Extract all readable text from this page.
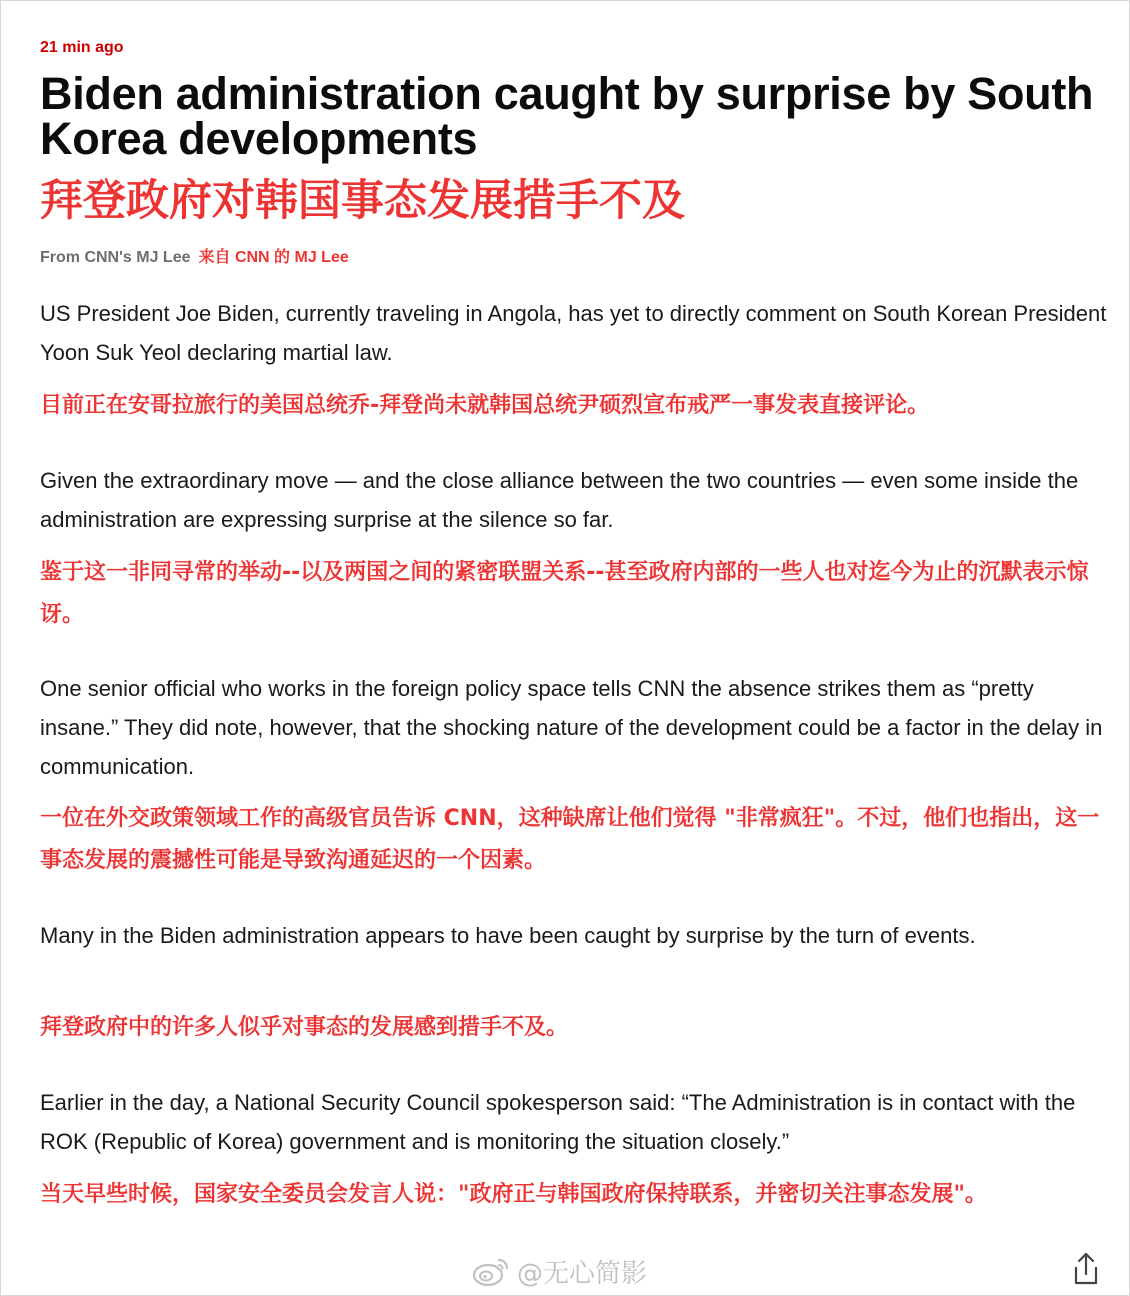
21 min ago
Biden administration caught by surprise by South Korea developments
拜登政府对韩国事态发展措手不及
From CNN's MJ Lee 来自 CNN 的 MJ Lee

US President Joe Biden, currently traveling in Angola, has yet to directly comment on South Korean President Yoon Suk Yeol declaring martial law.

目前正在安哥拉旅行的美国总统乔-拜登尚未就韩国总统尹硕烈宣布戒严一事发表直接评论。

Given the extraordinary move — and the close alliance between the two countries — even some inside the administration are expressing surprise at the silence so far.

鉴于这一非同寻常的举动--以及两国之间的紧密联盟关系--甚至政府内部的一些人也对迄今为止的沉默表示惊讶。

One senior official who works in the foreign policy space tells CNN the absence strikes them as “pretty insane.” They did note, however, that the shocking nature of the development could be a factor in the delay in communication.

一位在外交政策领域工作的高级官员告诉 CNN，这种缺席让他们觉得 "非常疯狂"。不过，他们也指出，这一事态发展的震撼性可能是导致沟通延迟的一个因素。

Many in the Biden administration appears to have been caught by surprise by the turn of events.

拜登政府中的许多人似乎对事态的发展感到措手不及。

Earlier in the day, a National Security Council spokesperson said: “The Administration is in contact with the ROK (Republic of Korea) government and is monitoring the situation closely.”

当天早些时候，国家安全委员会发言人说："政府正与韩国政府保持联系，并密切关注事态发展"。

@无心简影
